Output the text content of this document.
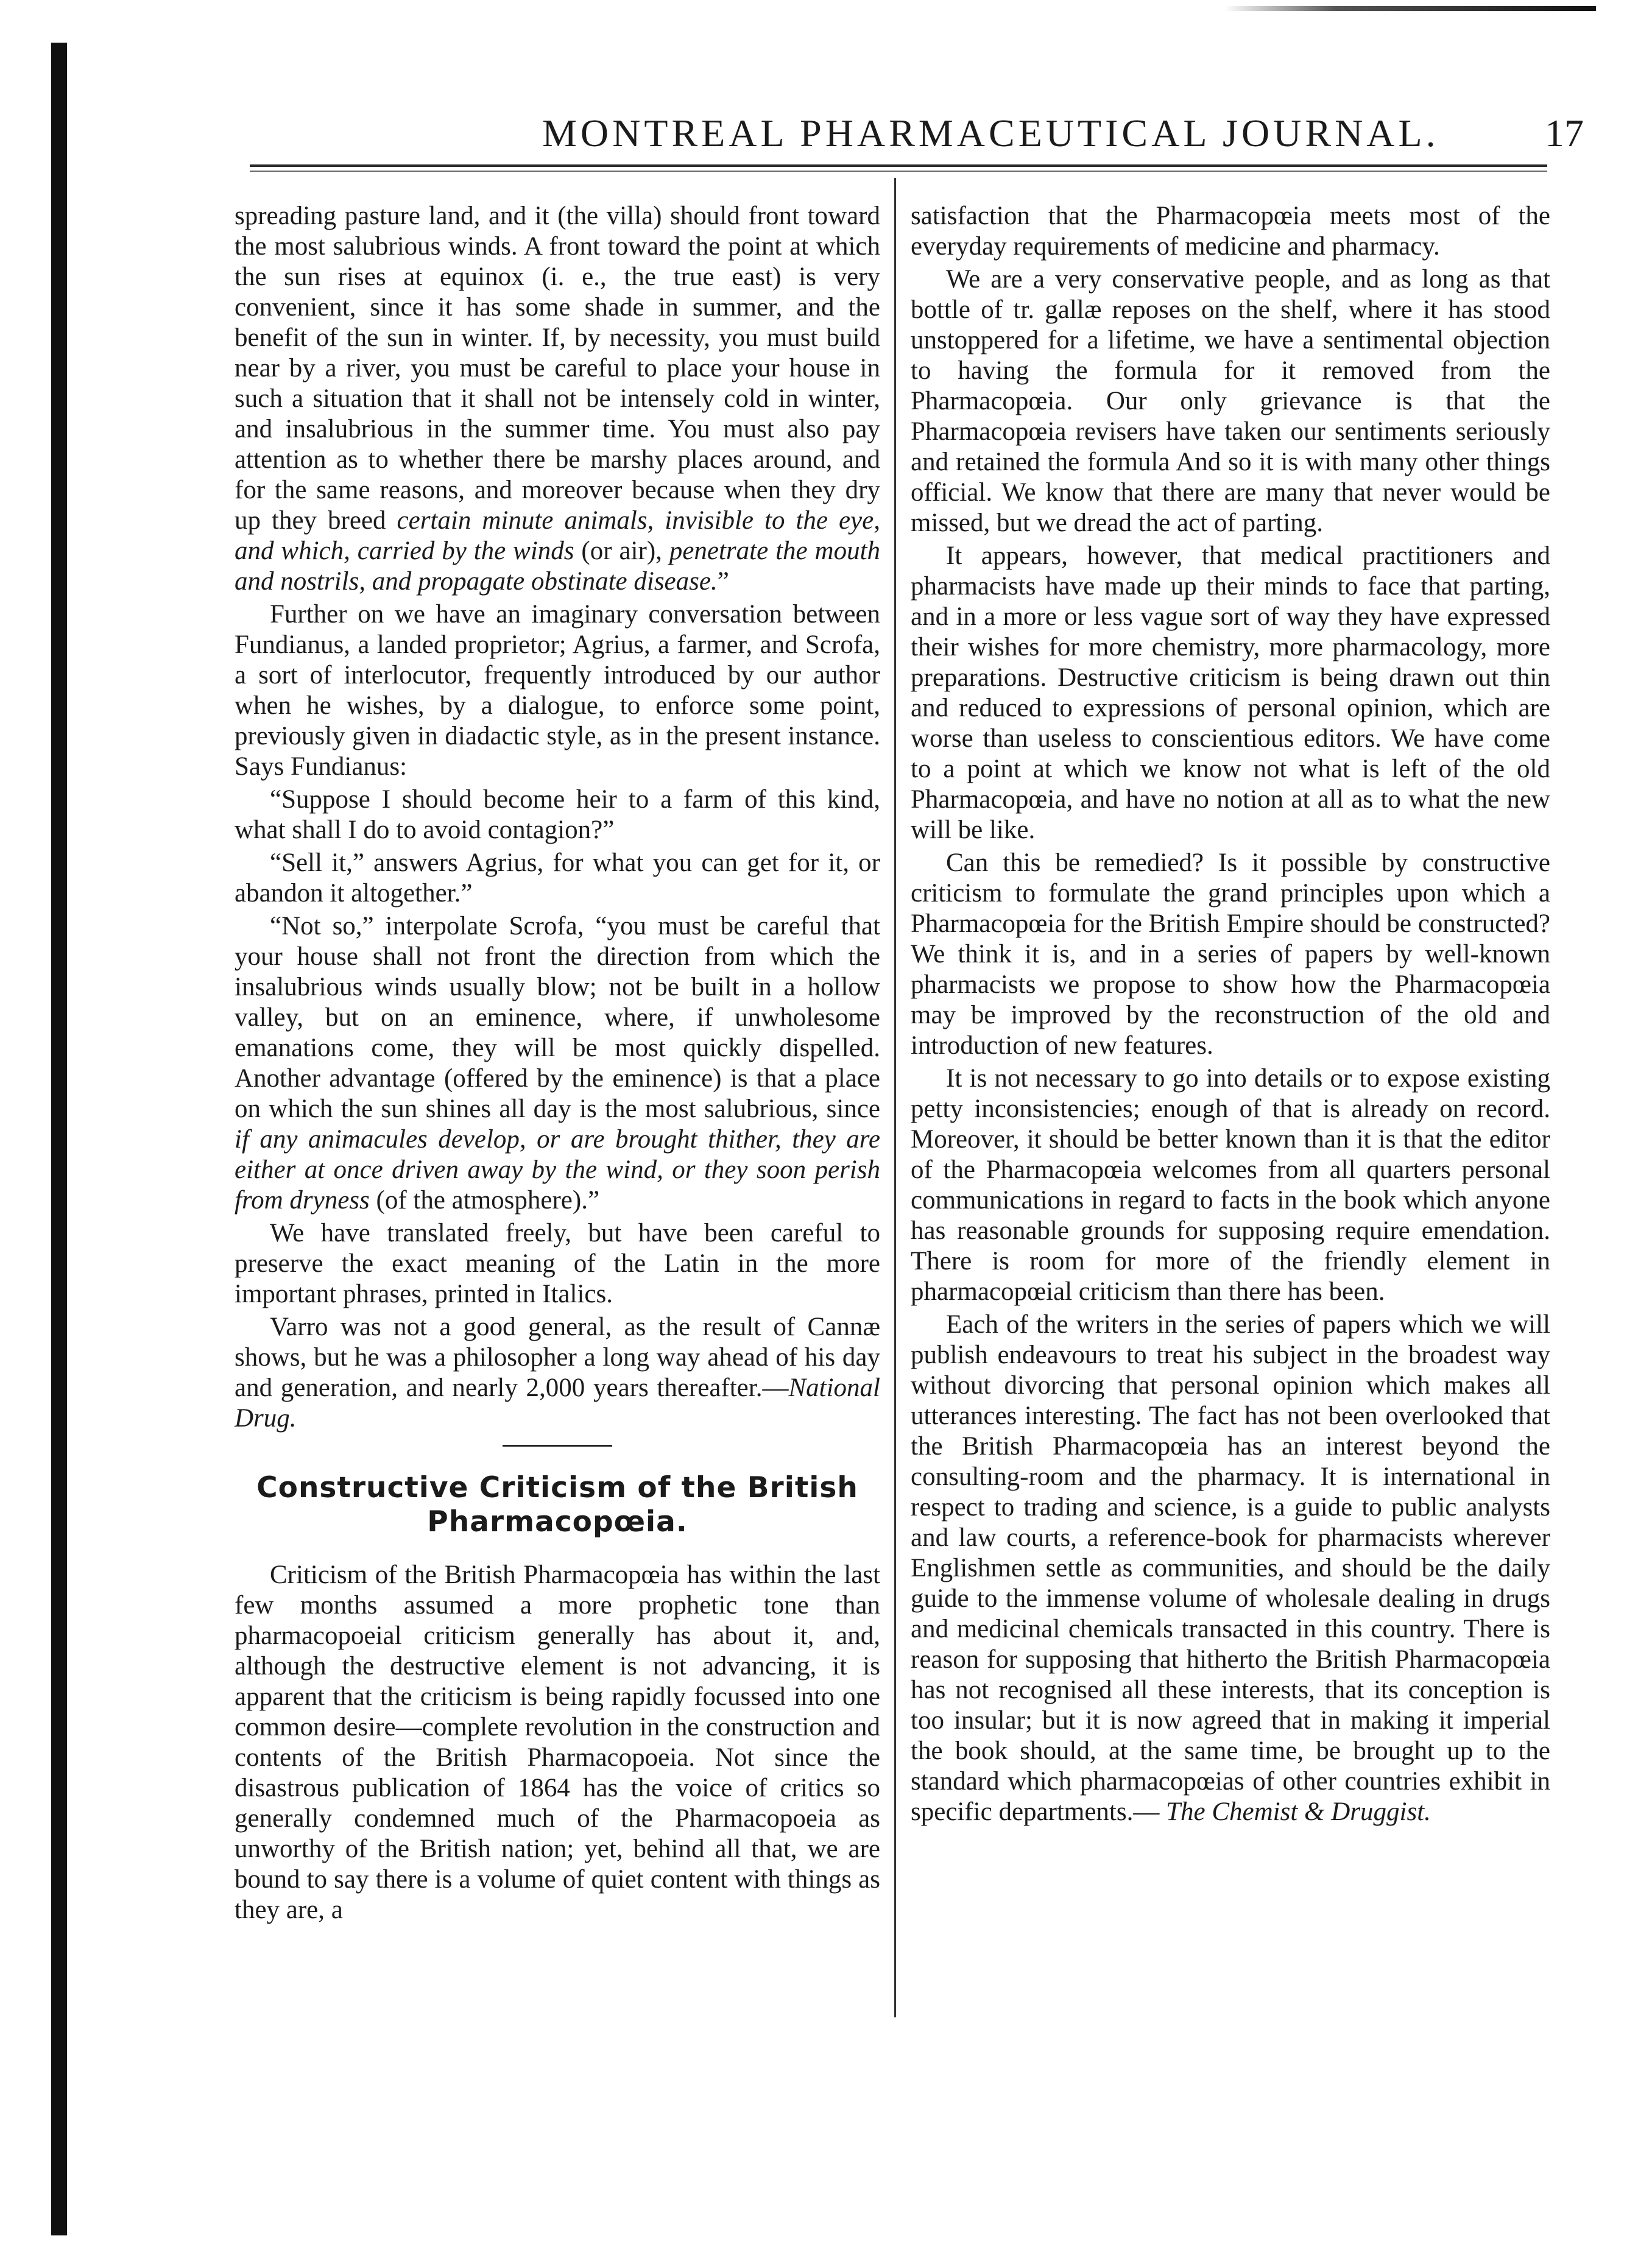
MONTREAL PHARMACEUTICAL JOURNAL.	17

spreading pasture land, and it (the villa) should front toward the most salubrious winds. A front toward the point at which the sun rises at equinox (i. e., the true east) is very convenient, since it has some shade in summer, and the benefit of the sun in winter. If, by necessity, you must build near by a river, you must be careful to place your house in such a situation that it shall not be intensely cold in winter, and insalubrious in the summer time. You must also pay attention as to whether there be marshy places around, and for the same reasons, and moreover because when they dry up they breed certain minute animals, invisible to the eye, and which, carried by the winds (or air), penetrate the mouth and nostrils, and propagate obstinate disease.”

Further on we have an imaginary conversation between Fundianus, a landed proprietor; Agrius, a farmer, and Scrofa, a sort of interlocutor, frequently introduced by our author when he wishes, by a dialogue, to enforce some point, previously given in diadactic style, as in the present instance. Says Fundianus:

“Suppose I should become heir to a farm of this kind, what shall I do to avoid contagion?”

“Sell it,” answers Agrius, for what you can get for it, or abandon it altogether.”

“Not so,” interpolate Scrofa, “you must be careful that your house shall not front the direction from which the insalubrious winds usually blow; not be built in a hollow valley, but on an eminence, where, if unwholesome emanations come, they will be most quickly dispelled. Another advantage (offered by the eminence) is that a place on which the sun shines all day is the most salubrious, since if any animacules develop, or are brought thither, they are either at once driven away by the wind, or they soon perish from dryness (of the atmosphere).”

We have translated freely, but have been careful to preserve the exact meaning of the Latin in the more important phrases, printed in Italics.

Varro was not a good general, as the result of Cannæ shows, but he was a philosopher a long way ahead of his day and generation, and nearly 2,000 years thereafter.—National Drug.

Constructive Criticism of the British Pharmacopœia.

Criticism of the British Pharmacopœia has within the last few months assumed a more prophetic tone than pharmacopoeial criticism generally has about it, and, although the destructive element is not advancing, it is apparent that the criticism is being rapidly focussed into one common desire—complete revolution in the construction and contents of the British Pharmacopoeia. Not since the disastrous publication of 1864 has the voice of critics so generally condemned much of the Pharmacopoeia as unworthy of the British nation; yet, behind all that, we are bound to say there is a volume of quiet content with things as they are, a

satisfaction that the Pharmacopœia meets most of the everyday requirements of medicine and pharmacy.

We are a very conservative people, and as long as that bottle of tr. gallæ reposes on the shelf, where it has stood unstoppered for a lifetime, we have a sentimental objection to having the formula for it removed from the Pharmacopœia. Our only grievance is that the Pharmacopœia revisers have taken our sentiments seriously and retained the formula And so it is with many other things official. We know that there are many that never would be missed, but we dread the act of parting.

It appears, however, that medical practitioners and pharmacists have made up their minds to face that parting, and in a more or less vague sort of way they have expressed their wishes for more chemistry, more pharmacology, more preparations. Destructive criticism is being drawn out thin and reduced to expressions of personal opinion, which are worse than useless to conscientious editors. We have come to a point at which we know not what is left of the old Pharmacopœia, and have no notion at all as to what the new will be like.

Can this be remedied? Is it possible by constructive criticism to formulate the grand principles upon which a Pharmacopœia for the British Empire should be constructed? We think it is, and in a series of papers by well-known pharmacists we propose to show how the Pharmacopœia may be improved by the reconstruction of the old and introduction of new features.

It is not necessary to go into details or to expose existing petty inconsistencies; enough of that is already on record. Moreover, it should be better known than it is that the editor of the Pharmacopœia welcomes from all quarters personal communications in regard to facts in the book which anyone has reasonable grounds for supposing require emendation. There is room for more of the friendly element in pharmacopœial criticism than there has been.

Each of the writers in the series of papers which we will publish endeavours to treat his subject in the broadest way without divorcing that personal opinion which makes all utterances interesting. The fact has not been overlooked that the British Pharmacopœia has an interest beyond the consulting-room and the pharmacy. It is international in respect to trading and science, is a guide to public analysts and law courts, a reference-book for pharmacists wherever Englishmen settle as communities, and should be the daily guide to the immense volume of wholesale dealing in drugs and medicinal chemicals transacted in this country. There is reason for supposing that hitherto the British Pharmacopœia has not recognised all these interests, that its conception is too insular; but it is now agreed that in making it imperial the book should, at the same time, be brought up to the standard which pharmacopœias of other countries exhibit in specific departments.— The Chemist & Druggist.
